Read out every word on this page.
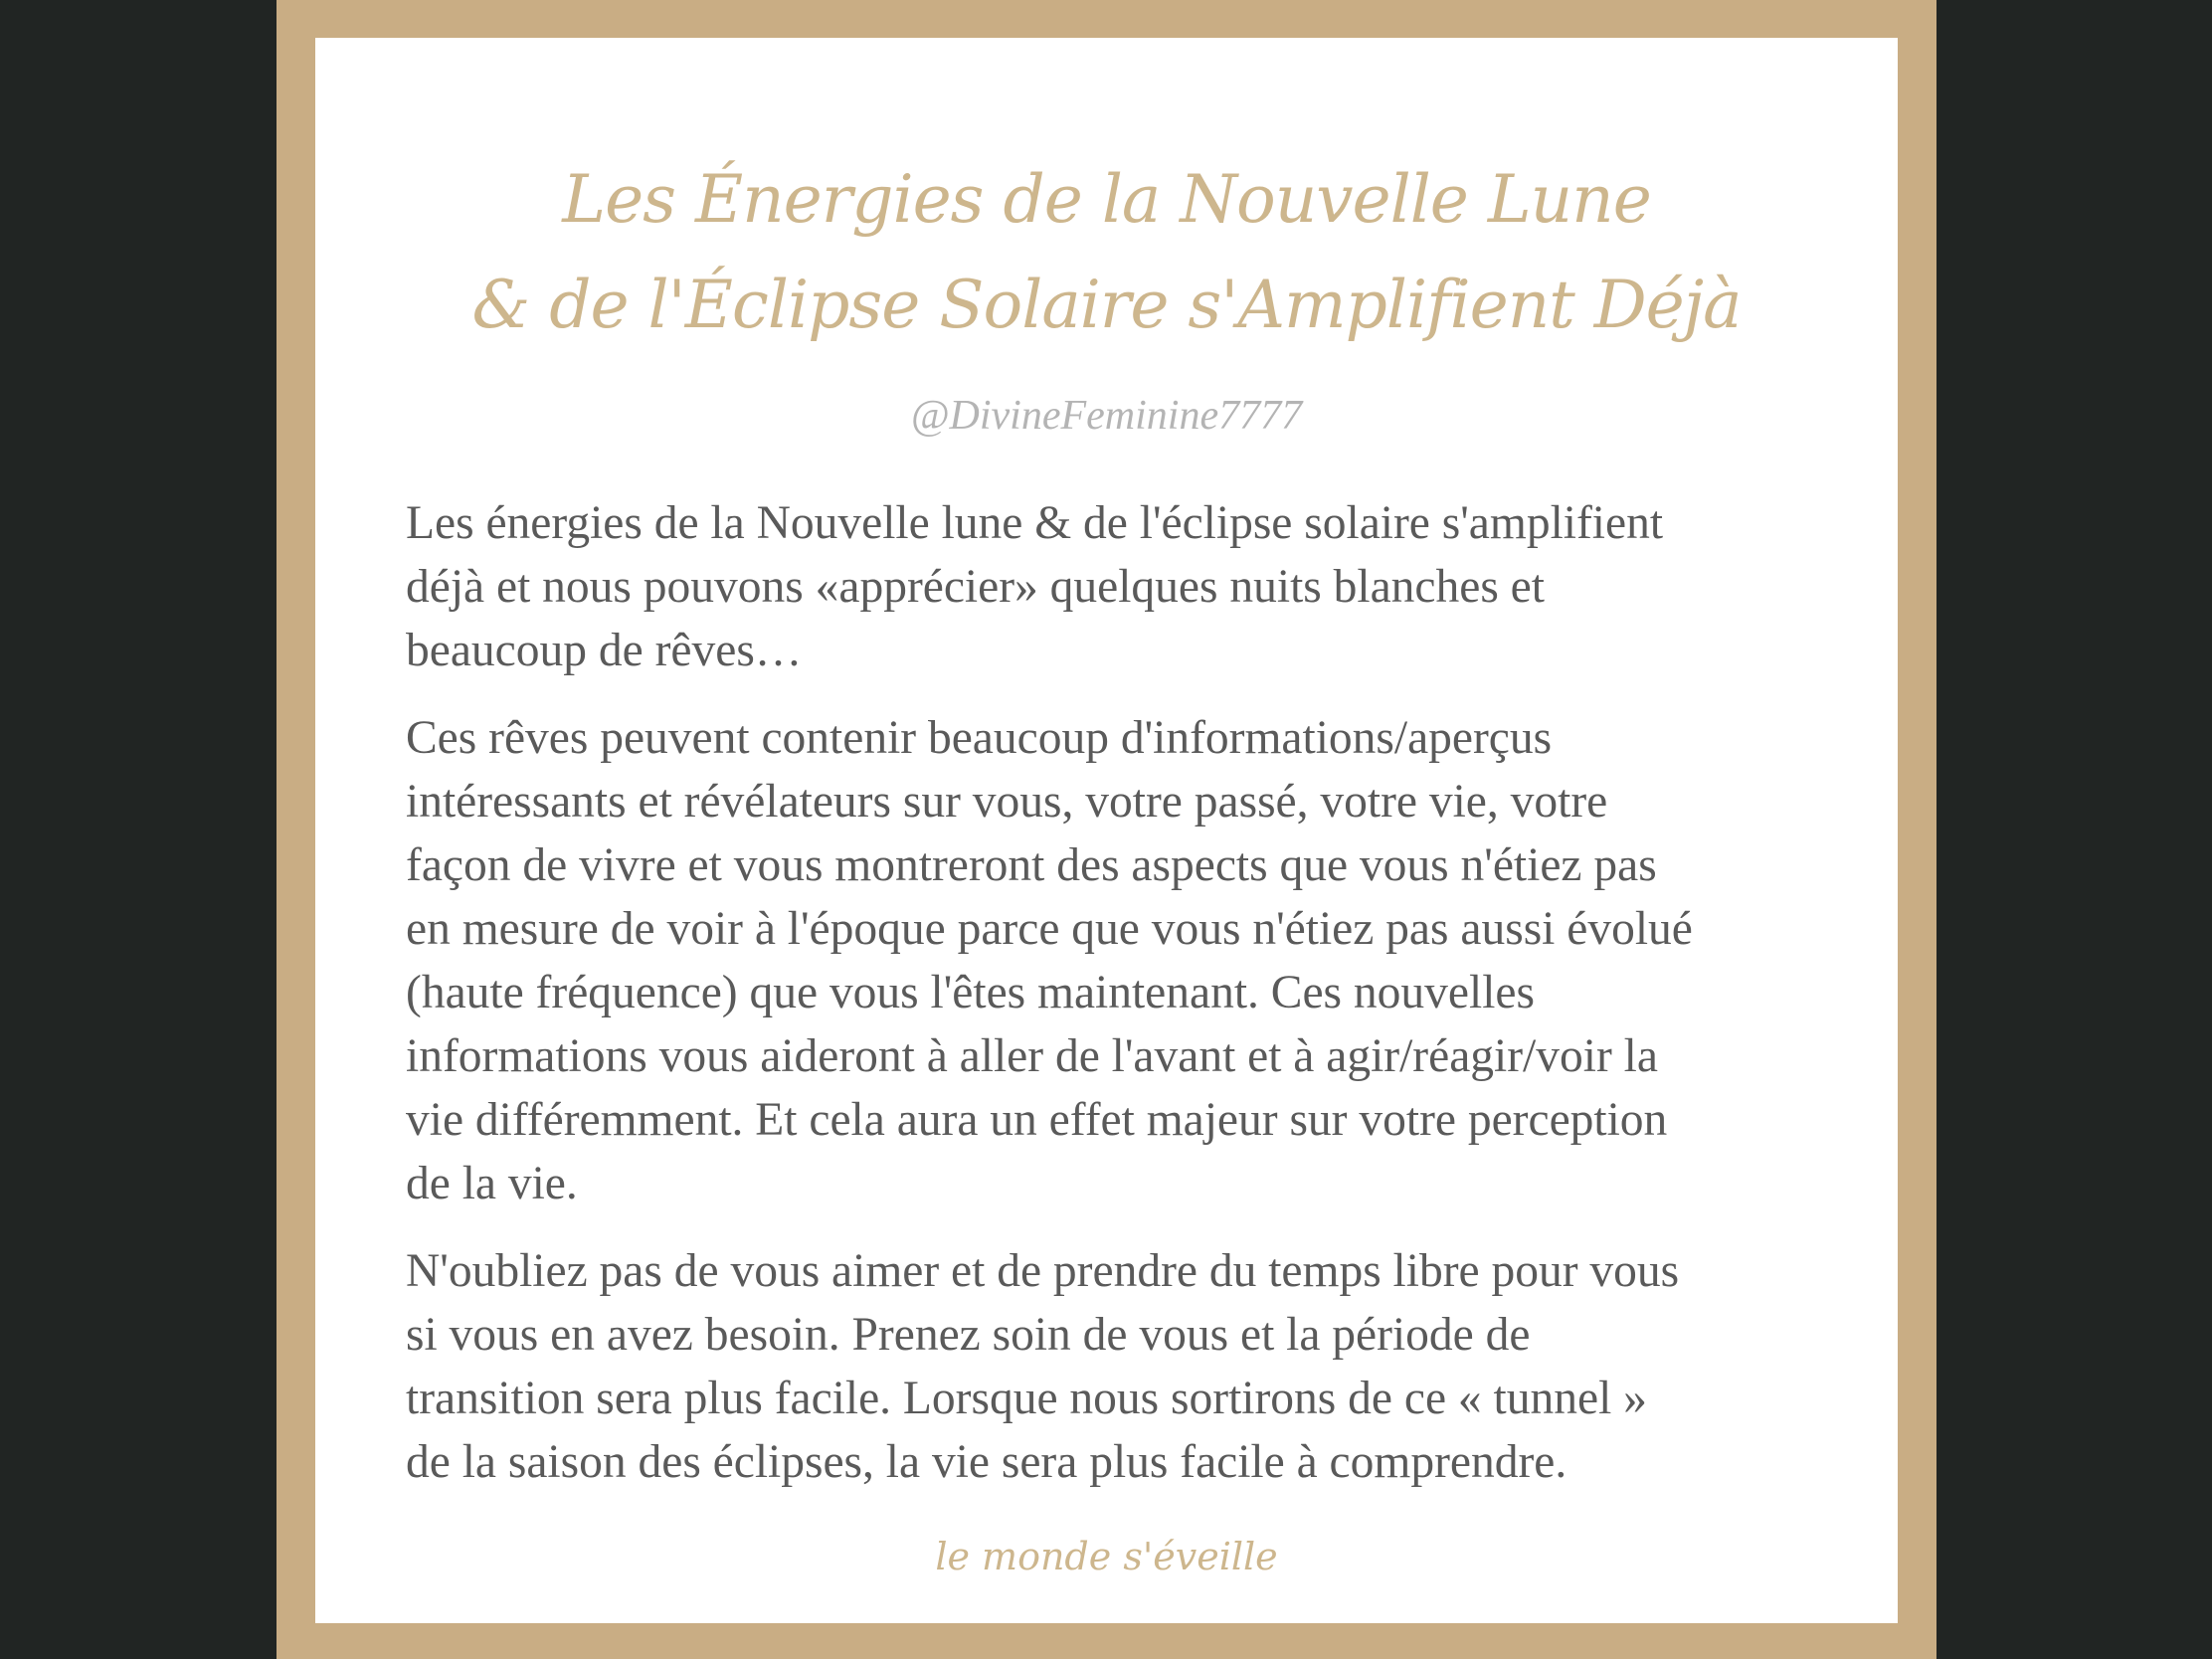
Les Énergies de la Nouvelle Lune
& de l'Éclipse Solaire s'Amplifient Déjà
@DivineFeminine7777
Les énergies de la Nouvelle lune & de l'éclipse solaire s'amplifient
déjà et nous pouvons «apprécier» quelques nuits blanches et
beaucoup de rêves…
Ces rêves peuvent contenir beaucoup d'informations/aperçus
intéressants et révélateurs sur vous, votre passé, votre vie, votre
façon de vivre et vous montreront des aspects que vous n'étiez pas
en mesure de voir à l'époque parce que vous n'étiez pas aussi évolué
(haute fréquence) que vous l'êtes maintenant. Ces nouvelles
informations vous aideront à aller de l'avant et à agir/réagir/voir la
vie différemment. Et cela aura un effet majeur sur votre perception
de la vie.
N'oubliez pas de vous aimer et de prendre du temps libre pour vous
si vous en avez besoin. Prenez soin de vous et la période de
transition sera plus facile. Lorsque nous sortirons de ce « tunnel »
de la saison des éclipses, la vie sera plus facile à comprendre.
le monde s'éveille
